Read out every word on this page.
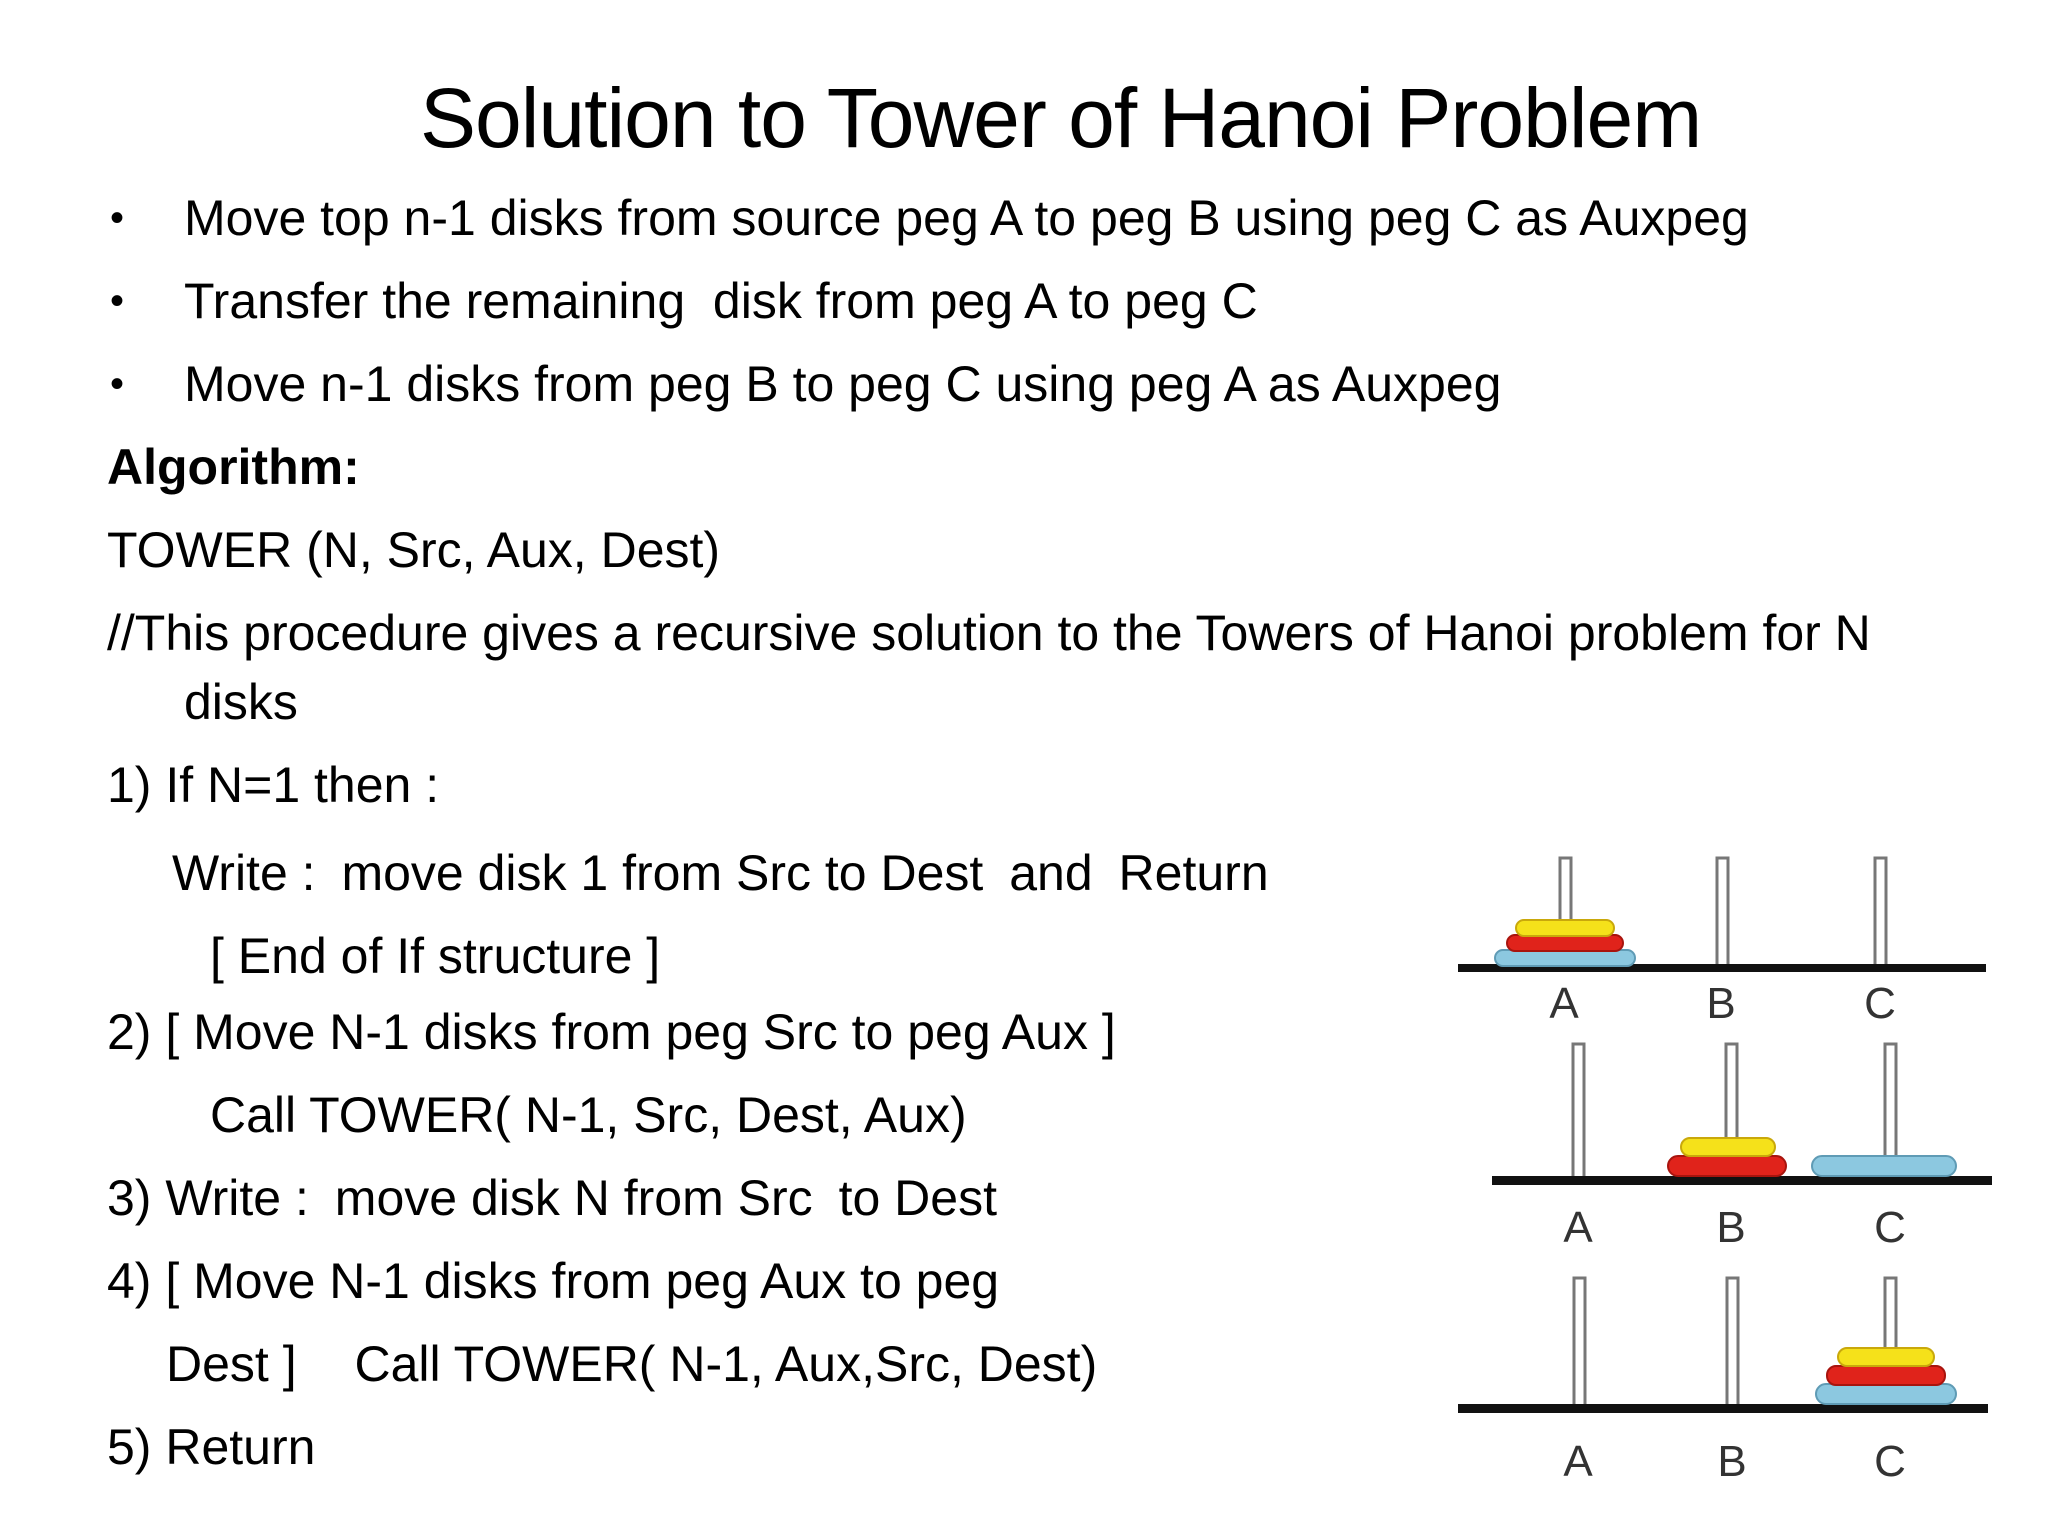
Solution to Tower of Hanoi Problem
• Move top n-1 disks from source peg A to peg B using peg C as Auxpeg
• Transfer the remaining  disk from peg A to peg C
• Move n-1 disks from peg B to peg C using peg A as Auxpeg
Algorithm:
TOWER (N, Src, Aux, Dest)
//This procedure gives a recursive solution to the Towers of Hanoi problem for N
disks
1) If N=1 then :
Write : move disk 1 from Src to Dest and Return
[ End of If structure ]
2) [ Move N-1 disks from peg Src to peg Aux ]
Call TOWER( N-1, Src, Dest, Aux)
3) Write : move disk N from Src to Dest
4) [ Move N-1 disks from peg Aux to peg
Dest ] Call TOWER( N-1, Aux,Src, Dest)
5) Return
A	B	C
A	B	C
A	B	C
